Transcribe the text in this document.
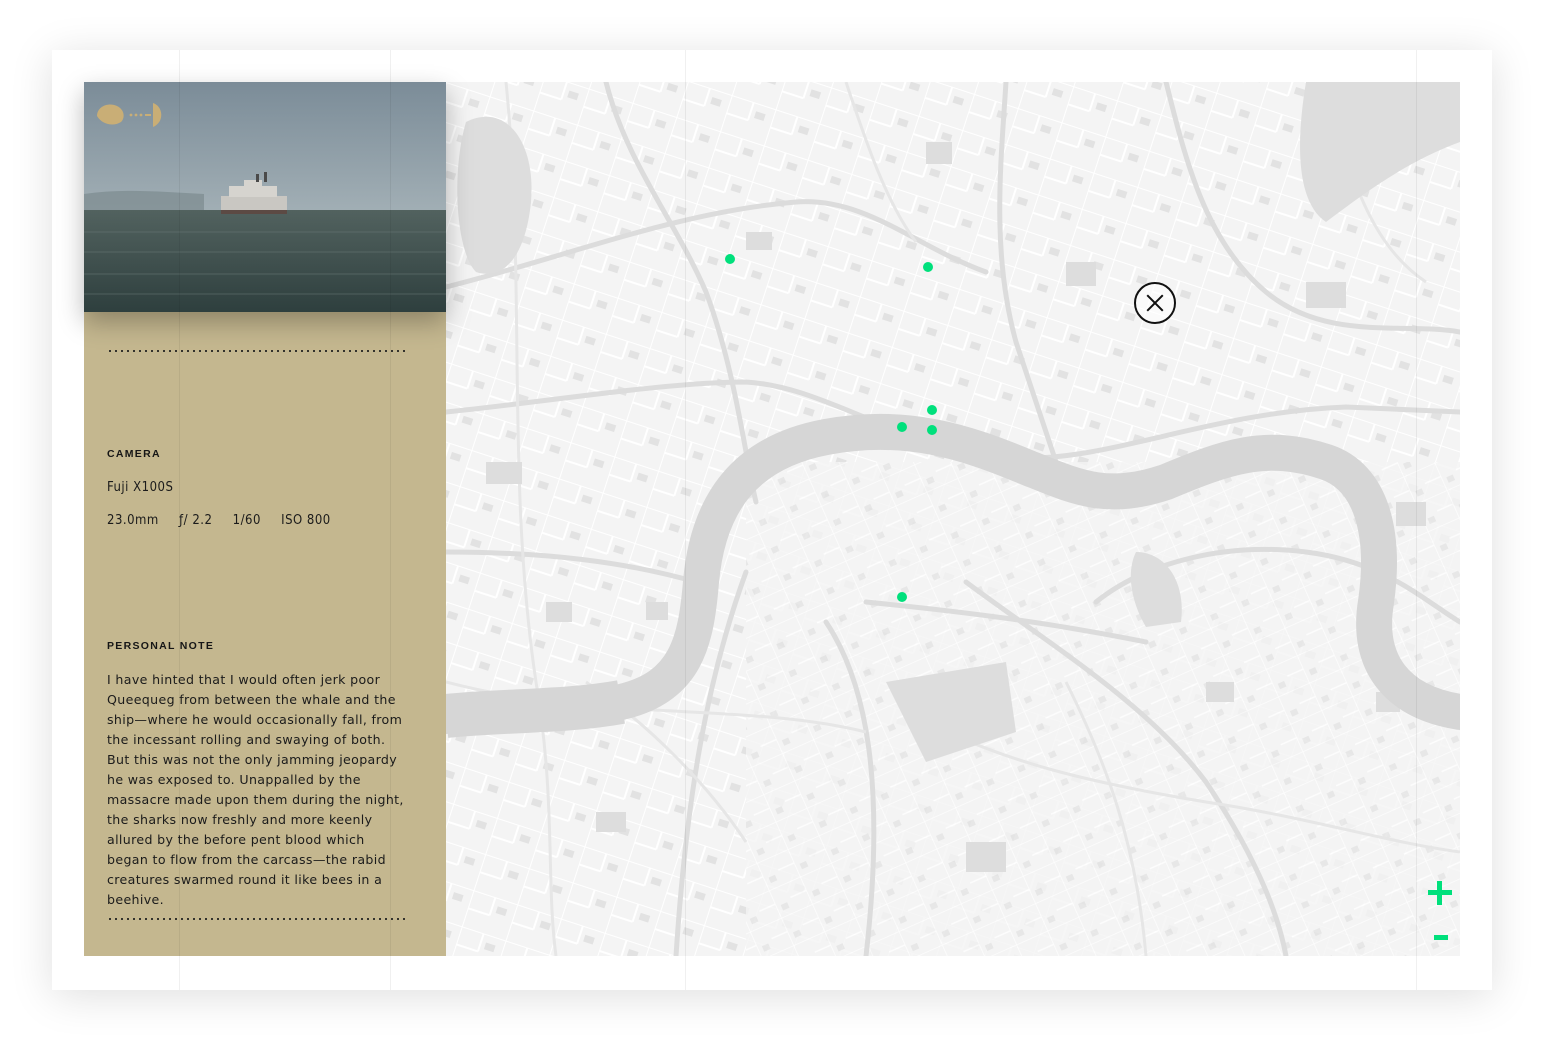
CAMERA
Fuji X100S
23.0mm ƒ/ 2.2 1/60 ISO 800
PERSONAL NOTE
I have hinted that I would often jerk poor Queequeg from between the whale and the ship—where he would occasionally fall, from the incessant rolling and swaying of both. But this was not the only jamming jeopardy he was exposed to. Unappalled by the massacre made upon them during the night, the sharks now freshly and more keenly allured by the before pent blood which began to flow from the carcass—the rabid creatures swarmed round it like bees in a beehive.
